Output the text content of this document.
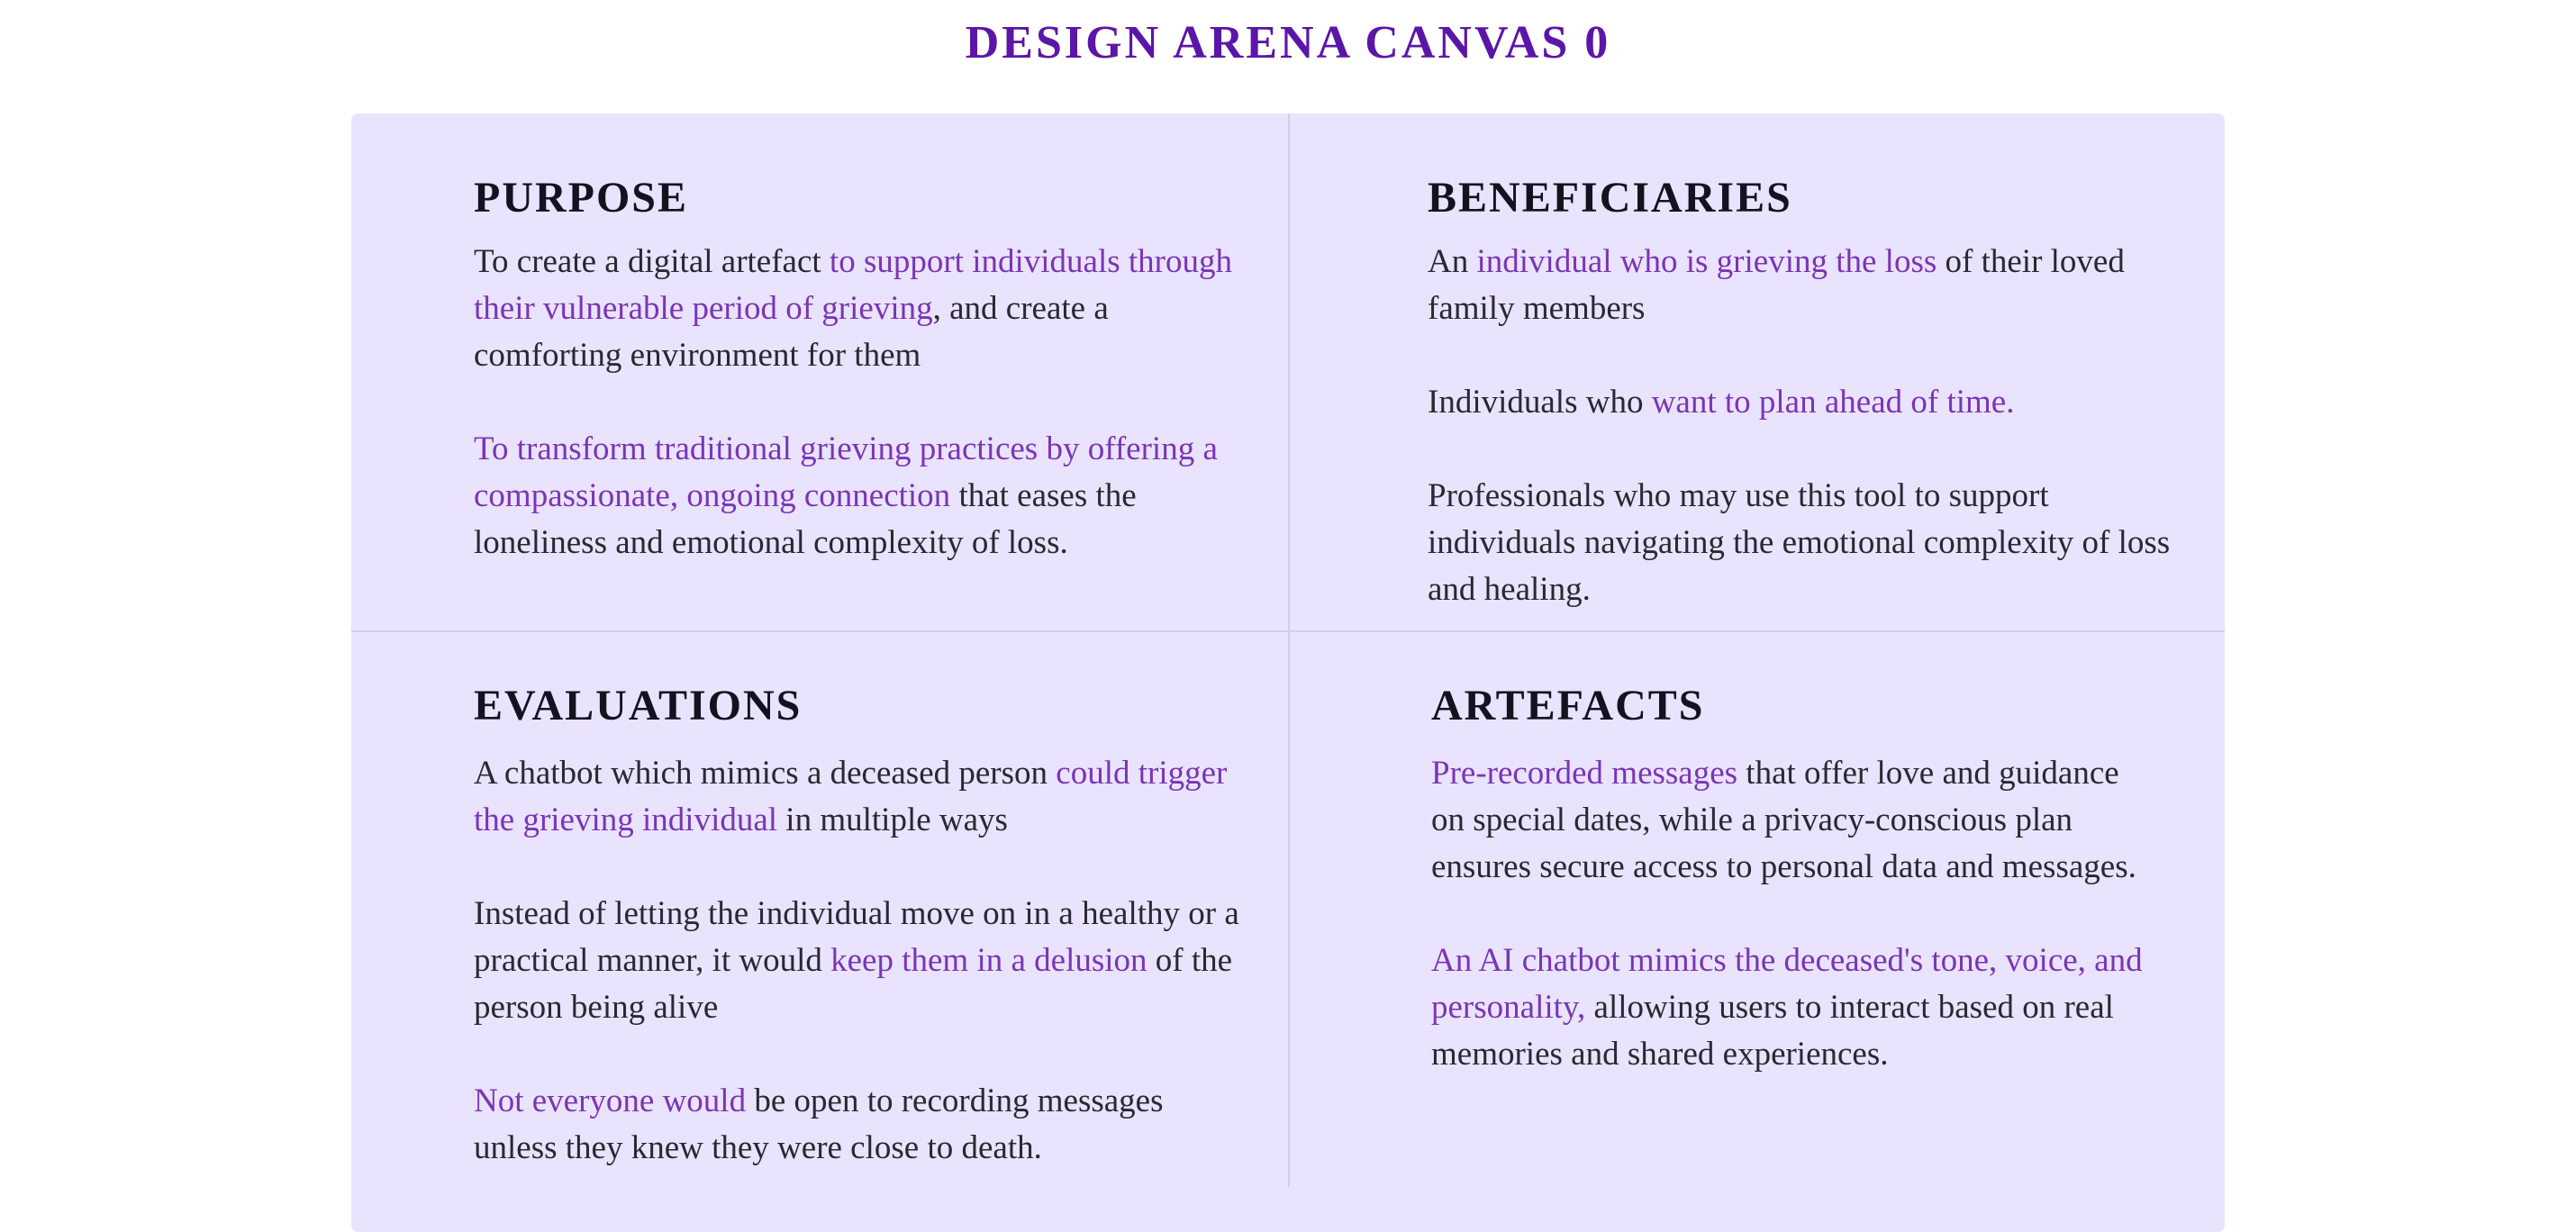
DESIGN ARENA CANVAS 0
PURPOSE

To create a digital artefact to support individuals through their vulnerable period of grieving, and create a comforting environment for them

To transform traditional grieving practices by offering a compassionate, ongoing connection that eases the loneliness and emotional complexity of loss.

BENEFICIARIES

An individual who is grieving the loss of their loved family members

Individuals who want to plan ahead of time.

Professionals who may use this tool to support individuals navigating the emotional complexity of loss and healing.

EVALUATIONS

A chatbot which mimics a deceased person could trigger the grieving individual in multiple ways

Instead of letting the individual move on in a healthy or a practical manner, it would keep them in a delusion of the person being alive

Not everyone would be open to recording messages unless they knew they were close to death.

ARTEFACTS

Pre-recorded messages that offer love and guidance on special dates, while a privacy-conscious plan ensures secure access to personal data and messages.

An AI chatbot mimics the deceased's tone, voice, and personality, allowing users to interact based on real memories and shared experiences.
